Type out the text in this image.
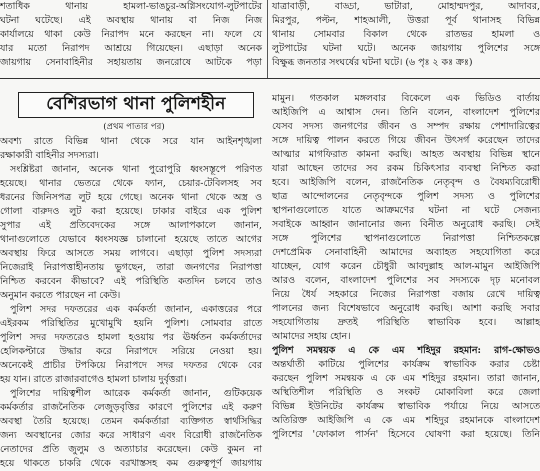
শতাধিক থানায় হামলা-ভাঙচুর-অগ্নিসংযোগ-লুটপাটের

ঘটনা ঘটেছে। এই অবস্থায় থানায় বা নিজ নিজ

কার্যালয়ে থাকা কেউ নিরাপদ মনে করছেন না। ফলে যে

যার মতো নিরাপদ আশ্রয়ে গিয়েছেন। এছাড়া অনেক

জায়গায় সেনাবাহিনীর সহায়তায় জনরোষে আটকে পড়া

যাত্রাবাড়ী, বাড্ডা, ভাটারা, মোহাম্মদপুর, আদাবর,

মিরপুর, পল্টন, শাহআলী, উত্তরা পূর্ব থানাসহ বিভিন্ন

থানায় সোমবার বিকাল থেকে রাতভর হামলা ও

লুটপাটের ঘটনা ঘটে। অনেক জায়গায় পুলিশের সঙ্গে

বিক্ষুব্ধ জনতার সংঘর্ষের ঘটনা ঘটে। (৬ পৃঃ ২ কঃ ক্রঃ)

বেশিরভাগ থানা পুলিশহীন
(প্রথম পাতার পর)

অবশ্য রাতে বিভিন্ন থানা থেকে সরে যান আইনশৃঙ্খলা

রক্ষাকারী বাহিনীর সদস্যরা।

সংশ্লিষ্টরা জানান, অনেক থানা পুরোপুরি ধ্বংসস্তূপে পরিণত

হয়েছে। থানার ভেতরে থেকে ফ্যান, চেয়ার-টেবিলসহ সব

ধরনের জিনিসপত্র লুট হয়ে গেছে। অনেক থানা থেকে অস্ত্র ও

গোলা বারুদও লুট করা হয়েছে। ঢাকার বাইরে এক পুলিশ

সুপার এই প্রতিবেদকের সঙ্গে আলাপকালে জানান,

থানাগুলোতে যেভাবে ধ্বংসযজ্ঞ চালানো হয়েছে তাতে আগের

অবস্থায় ফিরে আসতে সময় লাগবে। এছাড়া পুলিশ সদস্যরা

নিজেরাই নিরাপত্তাহীনতায় ভুগছেন, তারা জনগণের নিরাপত্তা

নিশ্চিত করবেন কীভাবে? এই পরিস্থিতি কতদিন চলবে তাও

অনুমান করতে পারছেন না কেউ।

পুলিশ সদর দফতরের এক কর্মকর্তা জানান, একাত্তরের পরে

এইরকম পরিস্থিতির মুখোমুখি হয়নি পুলিশ। সোমবার রাতে

পুলিশ সদর দফতরেও হামলা হওয়ায় পর ঊর্ধ্বতন কর্মকর্তাদের

হেলিকপ্টারে উদ্ধার করে নিরাপদে সরিয়ে নেওয়া হয়।

অনেকেই প্রাচীর টপকিয়ে নিরাপদে সদর দফতর থেকে বের

হয় যান। রাতে রাজারবাগেও হামলা চালায় দুর্বৃত্তরা।

পুলিশের দায়িত্বশীল আরেক কর্মকর্তা জানান, গুটিকয়েক

কর্মকর্তার রাজনৈতিক লেজুড়বৃত্তির কারণে পুলিশের এই করুণ

অবস্থা তৈরি হয়েছে। তেমন কর্মকর্তারা ব্যক্তিগত স্বার্থসিদ্ধির

জন্য অবস্থানের জোর করে সাধারণ এবং বিরোধী রাজনৈতিক

নেতাদের প্রতি জুলুম ও অত্যাচার করেছেন। কেউ কুমন না

হয়ে থাকতে চাকরি থেকে বরখাস্তসহ কম গুরুত্বপূর্ণ জায়গায়

মামুন। গতকাল মঙ্গলবার বিকেলে এক ভিডিও বার্তায়

আইজিপি এ আশ্বাস দেন। তিনি বলেন, বাংলাদেশ পুলিশের

যেসব সদস্য জনগণের জীবন ও সম্পদ রক্ষায় পেশাদারিত্বের

সঙ্গে দায়িত্ব পালন করতে গিয়ে জীবন উৎসর্গ করেছেন তাদের

আত্মার মাগফিরাত কামনা করছি। আহত অবস্থায় বিভিন্ন স্থানে

যারা আছেন তাদের সব রকম চিকিৎসার ব্যবস্থা নিশ্চিত করা

হবে। আইজিপি বলেন, রাজনৈতিক নেতৃবৃন্দ ও বৈষম্যবিরোধী

ছাত্র আন্দোলনের নেতৃবৃন্দকে পুলিশ সদস্য ও পুলিশের

স্থাপনাগুলোতে যাতে আক্রমণের ঘটনা না ঘটে সেজন্য

সবাইকে আহ্বান জানানোর জন্য বিনীত অনুরোধ করছি। সেই

সঙ্গে পুলিশের স্থাপনাগুলোতে নিরাপত্তা নিশ্চিতকল্পে

দেশপ্রেমিক সেনাবাহিনী আমাদের অব্যাহত সহযোগিতা করে

যাচ্ছেন, যোগ করেন চৌধুরী আবদুল্লাহ আল-মামুন আইজিপি

আরও বলেন, বাংলাদেশ পুলিশের সব সদস্যকে দৃঢ় মনোবল

নিয়ে ধৈর্য সহকারে নিজের নিরাপত্তা বজায় রেখে দায়িত্ব

পালনের জন্য বিশেষভাবে অনুরোধ করছি। আশা করছি সবার

সহযোগিতায় দ্রুতই পরিস্থিতি স্বাভাবিক হবে। আল্লাহ

আমাদের সহায় হোন।

পুলিশ সমন্বয়ক এ কে এম শহিদুর রহমান: রাগ-ক্ষোভও

অন্তর্ঘাতী কাটিয়ে পুলিশের কার্যক্রম স্বাভাবিক করার চেষ্টা

করছেন পুলিশ সমন্বয়ক এ কে এম শহিদুর রহমান। তারা জানান,

অস্থিতিশীল পরিস্থিতি ও সংকট মোকাবিলা করে জেলা

বিভিন্ন ইউনিটের কার্যক্রম স্বাভাবিক পর্যায়ে নিয়ে আসতে

অতিরিক্ত আইজিপি এ কে এম শহিদুর রহমানকে বাংলাদেশ

পুলিশের 'ফোকাল পার্সন' হিসেবে ঘোষণা করা হয়েছে। তিনি
